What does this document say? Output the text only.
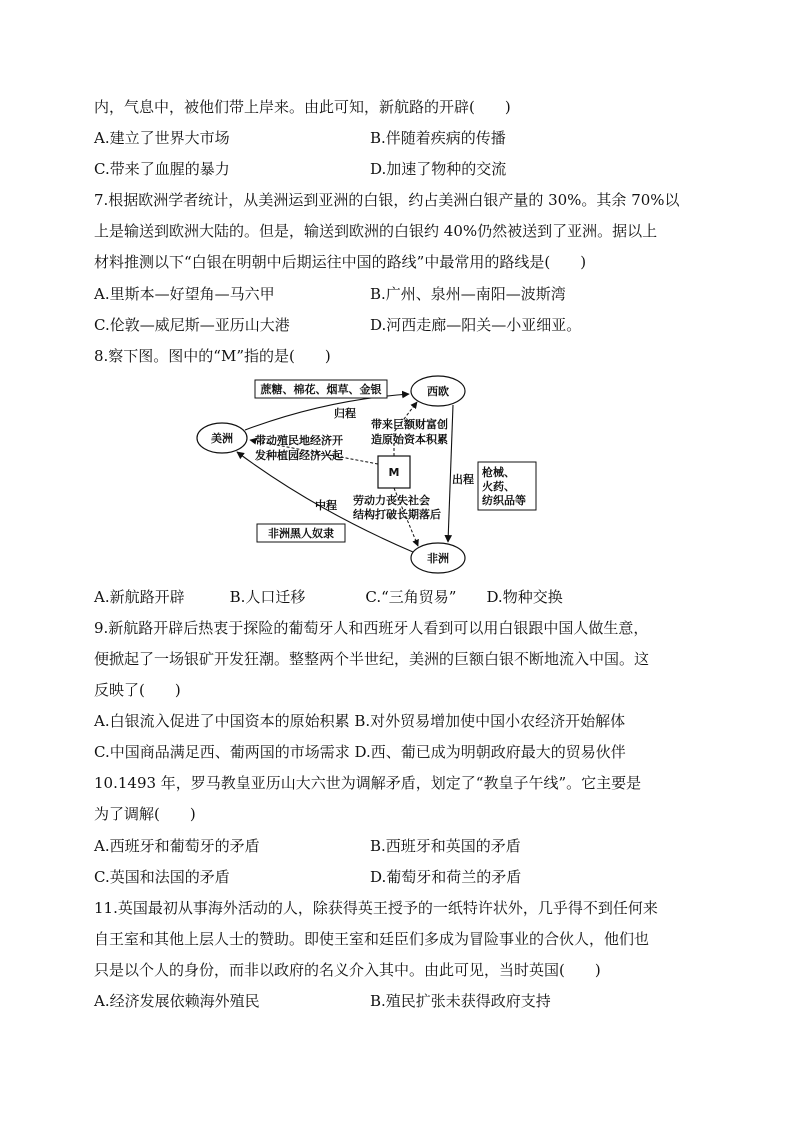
内，气息中，被他们带上岸来。由此可知，新航路的开辟(　　)
A.建立了世界大市场	B.伴随着疾病的传播
C.带来了血腥的暴力	D.加速了物种的交流
7.根据欧洲学者统计，从美洲运到亚洲的白银，约占美洲白银产量的 30%。其余 70%以
上是输送到欧洲大陆的。但是，输送到欧洲的白银约 40%仍然被送到了亚洲。据以上
材料推测以下“白银在明朝中后期运往中国的路线”中最常用的路线是(　　)
A.里斯本—好望角—马六甲	B.广州、泉州—南阳—波斯湾
C.伦敦—威尼斯—亚历山大港	D.河西走廊—阳关—小亚细亚。
8.察下图。图中的“M”指的是(　　)
西欧
美洲
非洲
M
蔗糖、棉花、烟草、金银
归程
带来巨额财富创
造原始资本积累
带动殖民地经济开
发种植园经济兴起
出程
枪械、
火药、
纺织品等
中程 劳动力丧失社会
结构打破长期落后
非洲黑人奴隶
A.新航路开辟　　　B.人口迁移　　　　C.“三角贸易”　　D.物种交换
9.新航路开辟后热衷于探险的葡萄牙人和西班牙人看到可以用白银跟中国人做生意，
便掀起了一场银矿开发狂潮。整整两个半世纪，美洲的巨额白银不断地流入中国。这
反映了(　　)
A.白银流入促进了中国资本的原始积累 B.对外贸易增加使中国小农经济开始解体
C.中国商品满足西、葡两国的市场需求 D.西、葡已成为明朝政府最大的贸易伙伴
10.1493 年，罗马教皇亚历山大六世为调解矛盾，划定了“教皇子午线”。它主要是
为了调解(　　)
A.西班牙和葡萄牙的矛盾	B.西班牙和英国的矛盾
C.英国和法国的矛盾	D.葡萄牙和荷兰的矛盾
11.英国最初从事海外活动的人，除获得英王授予的一纸特许状外，几乎得不到任何来
自王室和其他上层人士的赞助。即使王室和廷臣们多成为冒险事业的合伙人，他们也
只是以个人的身份，而非以政府的名义介入其中。由此可见，当时英国(　　)
A.经济发展依赖海外殖民	B.殖民扩张未获得政府支持
